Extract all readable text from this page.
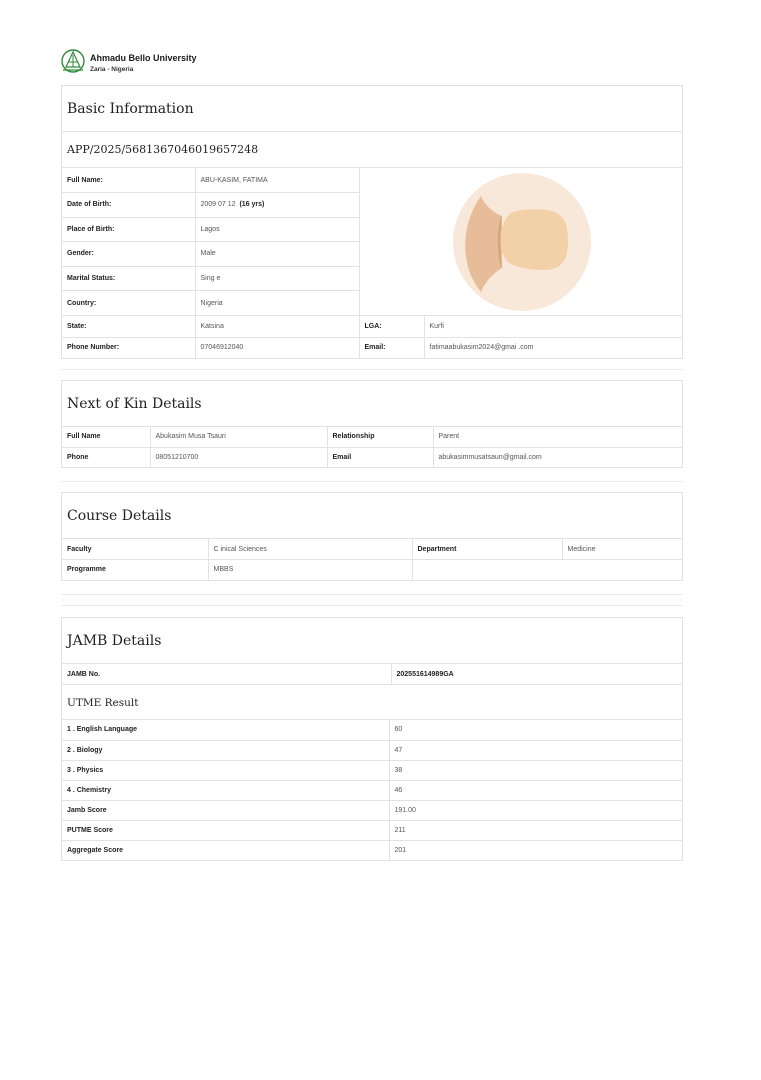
Ahmadu Bello University
Zaria - Nigeria
Basic Information
APP/2025/5681367046019657248
Full Name:	ABU-KASIM, FATIMA
Date of Birth:	2009 07 12 (16 yrs)
Place of Birth:	Lagos
Gender:	Male
Marital Status:	Sing e
Country:	Nigeria
State:	Katsina	LGA:	Kurfi
Phone Number:	07046912040	Email:	fatimaabukasim2024@gmai .com
Next of Kin Details
Full Name	Abukasim Musa Tsauri	Relationship	Parent
Phone	08051210700	Email	abukasimmusatsaun@gmail.com
Course Details
Faculty	C inical Sciences	Department	Medicine
Programme	MBBS	
JAMB Details
JAMB No.	202551614989GA
UTME Result
1 . English Language	60
2 . Biology	47
3 . Physics	38
4 . Chemistry	46
Jamb Score	191.00
PUTME Score	211
Aggregate Score	201
